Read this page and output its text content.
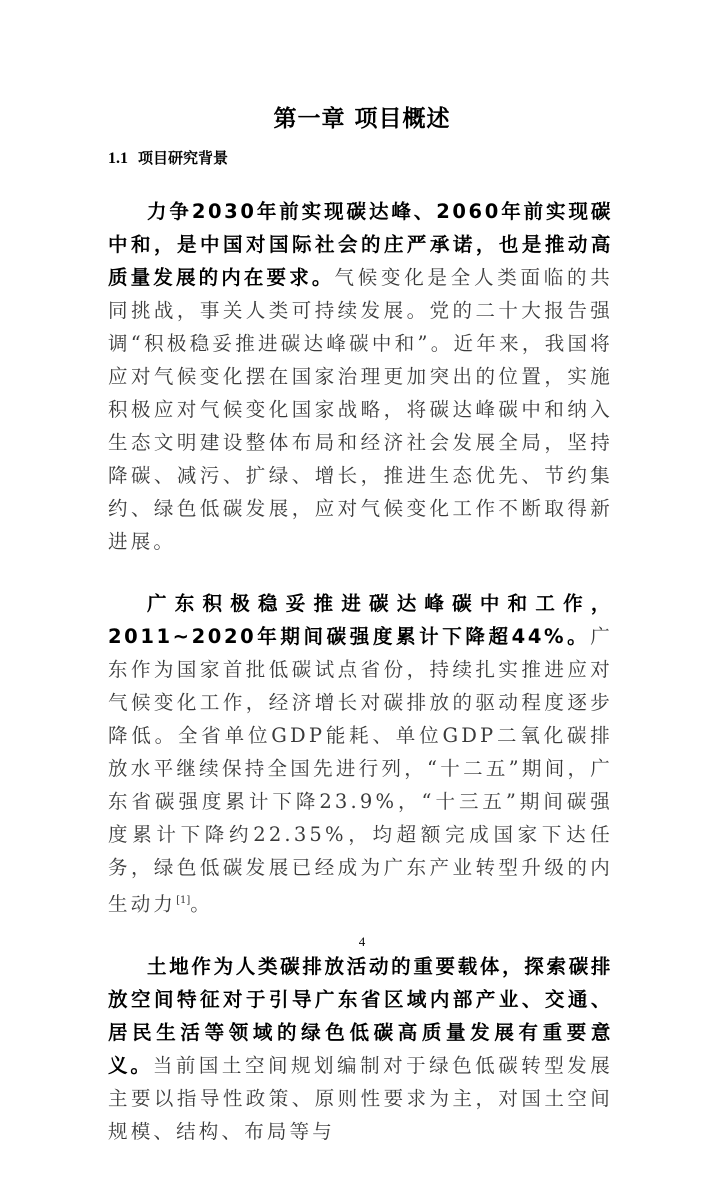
第一章 项目概述
1.1 项目研究背景

力争2030年前实现碳达峰、2060年前实现碳中和，是中国对国际社会的庄严承诺，也是推动高质量发展的内在要求。气候变化是全人类面临的共同挑战，事关人类可持续发展。党的二十大报告强调“积极稳妥推进碳达峰碳中和”。近年来，我国将应对气候变化摆在国家治理更加突出的位置，实施积极应对气候变化国家战略，将碳达峰碳中和纳入生态文明建设整体布局和经济社会发展全局，坚持降碳、减污、扩绿、增长，推进生态优先、节约集约、绿色低碳发展，应对气候变化工作不断取得新进展。

广东积极稳妥推进碳达峰碳中和工作，2011~2020年期间碳强度累计下降超44%。广东作为国家首批低碳试点省份，持续扎实推进应对气候变化工作，经济增长对碳排放的驱动程度逐步降低。全省单位GDP能耗、单位GDP二氧化碳排放水平继续保持全国先进行列，“十二五”期间，广东省碳强度累计下降23.9%，“十三五”期间碳强度累计下降约22.35%，均超额完成国家下达任务，绿色低碳发展已经成为广东产业转型升级的内生动力[1]。

土地作为人类碳排放活动的重要载体，探索碳排放空间特征对于引导广东省区域内部产业、交通、居民生活等领域的绿色低碳高质量发展有重要意义。当前国土空间规划编制对于绿色低碳转型发展主要以指导性政策、原则性要求为主，对国土空间规模、结构、布局等与

4
